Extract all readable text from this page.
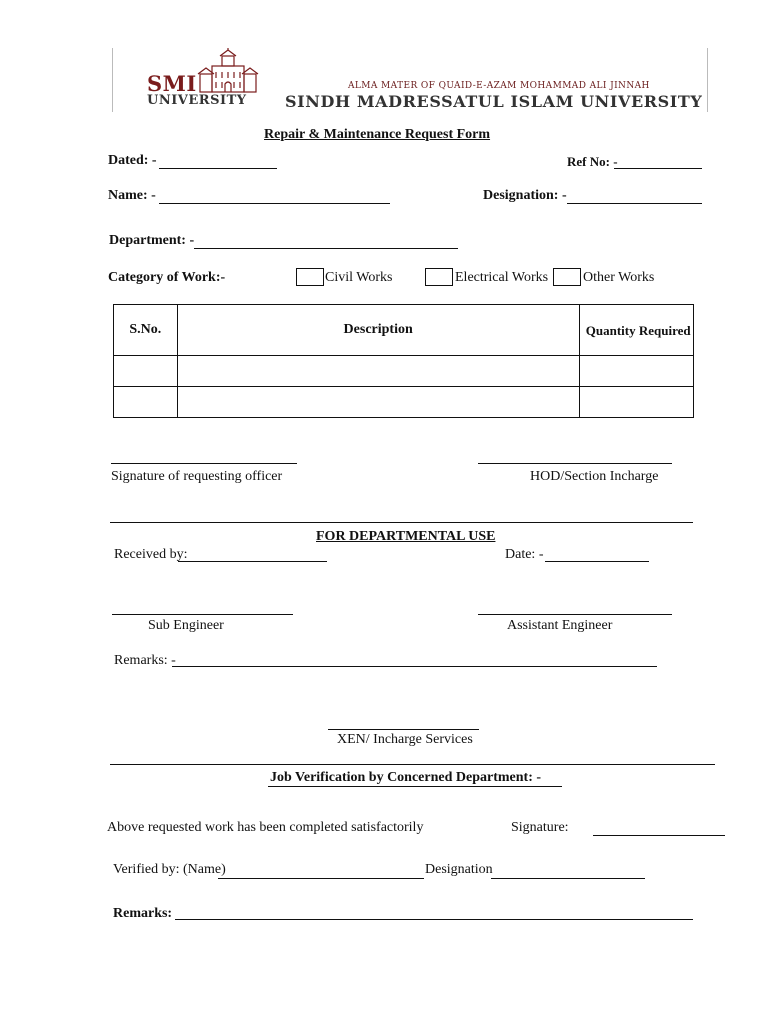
SMI
UNIVERSITY
ALMA MATER OF QUAID-E-AZAM MOHAMMAD ALI JINNAH
SINDH MADRESSATUL ISLAM UNIVERSITY
Repair & Maintenance Request Form
Dated: -	Ref No: -
Name: -	Designation: -
Department: -
Category of Work:-	Civil Works	Electrical Works Other Works
S.No.	Description	Quantity Required

Signature of requesting officer	HOD/Section Incharge
FOR DEPARTMENTAL USE
Received by:	Date: -
Sub Engineer	Assistant Engineer
Remarks: -
XEN/ Incharge Services
Job Verification by Concerned Department: -
Above requested work has been completed satisfactorily	Signature:
Verified by: (Name)	Designation
Remarks:
